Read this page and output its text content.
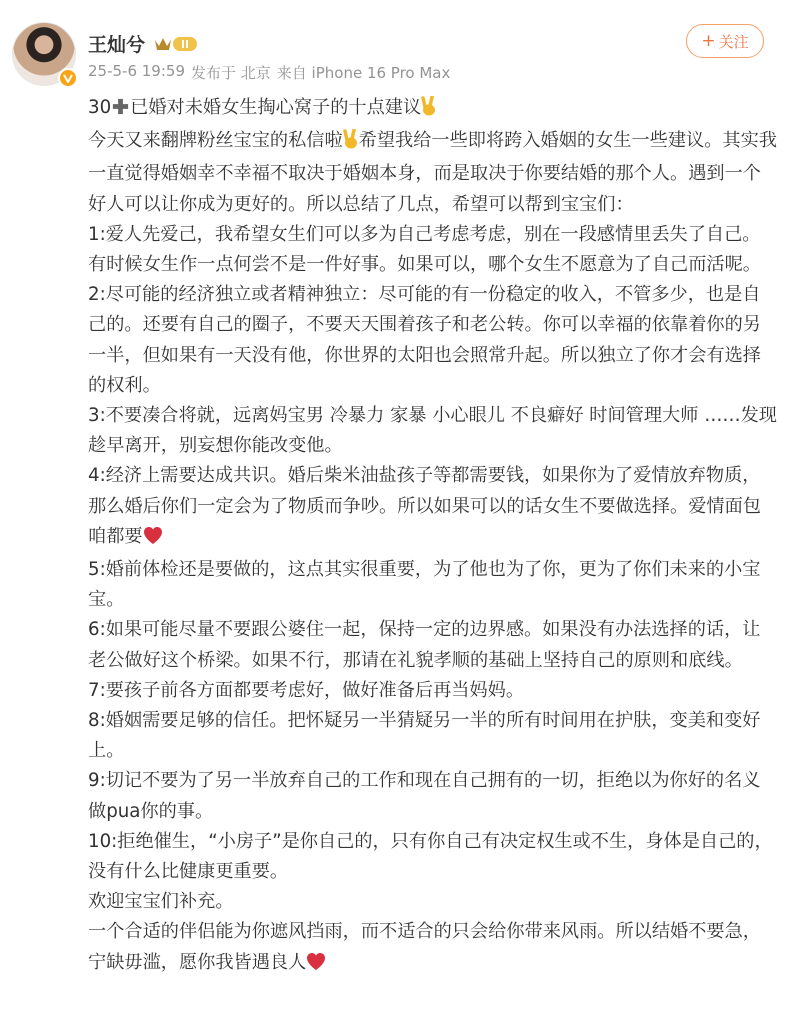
王灿兮
25-5-6 19:59 发布于 北京 来自 iPhone 16 Pro Max
+ 关注

30 已婚对未婚女生掏心窝子的十点建议

今天又来翻牌粉丝宝宝的私信啦 希望我给一些即将跨入婚姻的女生一些建议。其实我一直觉得婚姻幸不幸福不取决于婚姻本身，而是取决于你要结婚的那个人。遇到一个好人可以让你成为更好的。所以总结了几点，希望可以帮到宝宝们：

1:爱人先爱己，我希望女生们可以多为自己考虑考虑，别在一段感情里丢失了自己。有时候女生作一点何尝不是一件好事。如果可以，哪个女生不愿意为了自己而活呢。

2:尽可能的经济独立或者精神独立：尽可能的有一份稳定的收入，不管多少，也是自己的。还要有自己的圈子，不要天天围着孩子和老公转。你可以幸福的依靠着你的另一半，但如果有一天没有他，你世界的太阳也会照常升起。所以独立了你才会有选择的权利。

3:不要凑合将就，远离妈宝男 冷暴力 家暴 小心眼儿 不良癖好 时间管理大师 ……发现趁早离开，别妄想你能改变他。

4:经济上需要达成共识。婚后柴米油盐孩子等都需要钱，如果你为了爱情放弃物质，那么婚后你们一定会为了物质而争吵。所以如果可以的话女生不要做选择。爱情面包咱都要

5:婚前体检还是要做的，这点其实很重要，为了他也为了你，更为了你们未来的小宝宝。

6:如果可能尽量不要跟公婆住一起，保持一定的边界感。如果没有办法选择的话，让老公做好这个桥梁。如果不行，那请在礼貌孝顺的基础上坚持自己的原则和底线。

7:要孩子前各方面都要考虑好，做好准备后再当妈妈。

8:婚姻需要足够的信任。把怀疑另一半猜疑另一半的所有时间用在护肤，变美和变好上。

9:切记不要为了另一半放弃自己的工作和现在自己拥有的一切，拒绝以为你好的名义做pua你的事。

10:拒绝催生，“小房子”是你自己的，只有你自己有决定权生或不生，身体是自己的，没有什么比健康更重要。

欢迎宝宝们补充。

一个合适的伴侣能为你遮风挡雨，而不适合的只会给你带来风雨。所以结婚不要急，宁缺毋滥，愿你我皆遇良人
